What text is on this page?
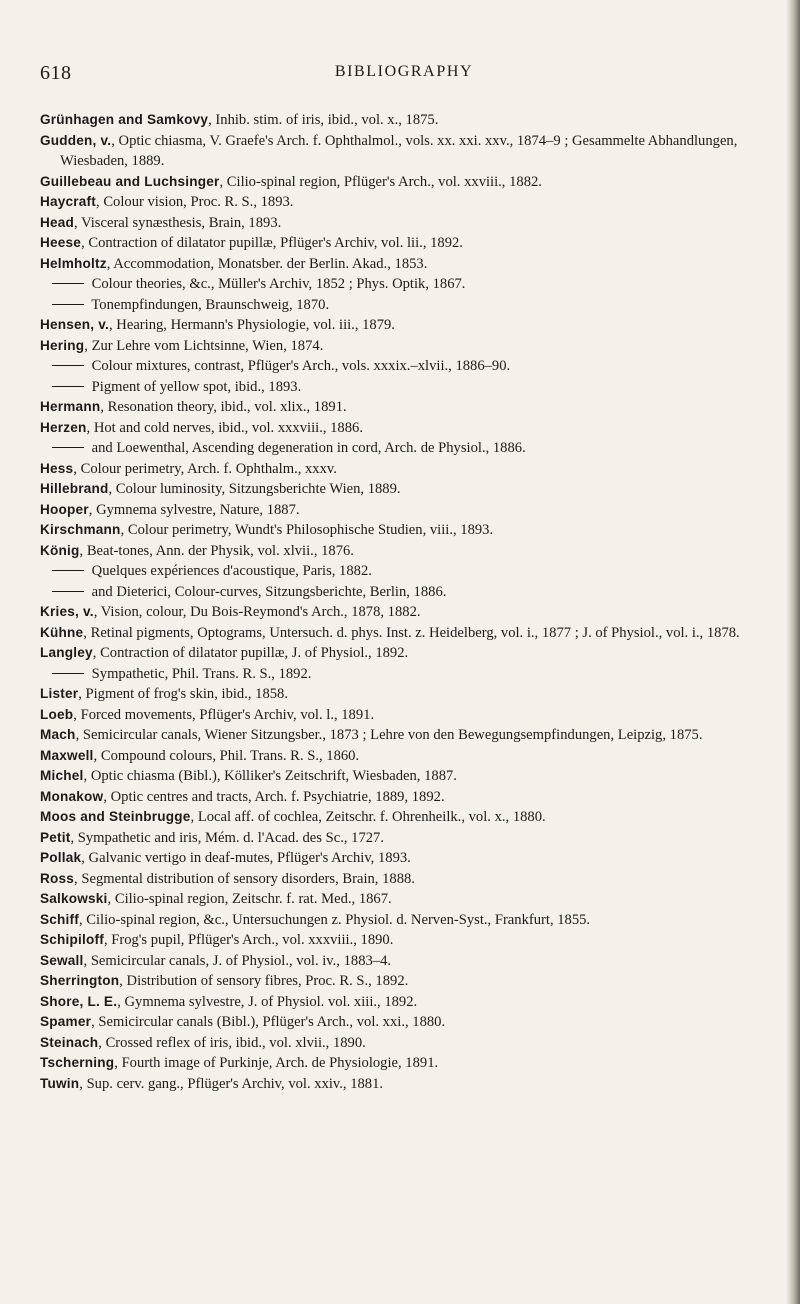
618	BIBLIOGRAPHY

Grünhagen and Samkovy, Inhib. stim. of iris, ibid., vol. x., 1875.

Gudden, v., Optic chiasma, V. Graefe's Arch. f. Ophthalmol., vols. xx. xxi. xxv., 1874–9 ; Gesammelte Abhandlungen, Wiesbaden, 1889.

Guillebeau and Luchsinger, Cilio-spinal region, Pflüger's Arch., vol. xxviii., 1882.

Haycraft, Colour vision, Proc. R. S., 1893.

Head, Visceral synæsthesis, Brain, 1893.

Heese, Contraction of dilatator pupillæ, Pflüger's Archiv, vol. lii., 1892.

Helmholtz, Accommodation, Monatsber. der Berlin. Akad., 1853.

Colour theories, &c., Müller's Archiv, 1852 ; Phys. Optik, 1867.

Tonempfindungen, Braunschweig, 1870.

Hensen, v., Hearing, Hermann's Physiologie, vol. iii., 1879.

Hering, Zur Lehre vom Lichtsinne, Wien, 1874.

Colour mixtures, contrast, Pflüger's Arch., vols. xxxix.–xlvii., 1886–90.

Pigment of yellow spot, ibid., 1893.

Hermann, Resonation theory, ibid., vol. xlix., 1891.

Herzen, Hot and cold nerves, ibid., vol. xxxviii., 1886.

and Loewenthal, Ascending degeneration in cord, Arch. de Physiol., 1886.

Hess, Colour perimetry, Arch. f. Ophthalm., xxxv.

Hillebrand, Colour luminosity, Sitzungsberichte Wien, 1889.

Hooper, Gymnema sylvestre, Nature, 1887.

Kirschmann, Colour perimetry, Wundt's Philosophische Studien, viii., 1893.

König, Beat-tones, Ann. der Physik, vol. xlvii., 1876.

Quelques expériences d'acoustique, Paris, 1882.

and Dieterici, Colour-curves, Sitzungsberichte, Berlin, 1886.

Kries, v., Vision, colour, Du Bois-Reymond's Arch., 1878, 1882.

Kühne, Retinal pigments, Optograms, Untersuch. d. phys. Inst. z. Heidelberg, vol. i., 1877 ; J. of Physiol., vol. i., 1878.

Langley, Contraction of dilatator pupillæ, J. of Physiol., 1892.

Sympathetic, Phil. Trans. R. S., 1892.

Lister, Pigment of frog's skin, ibid., 1858.

Loeb, Forced movements, Pflüger's Archiv, vol. l., 1891.

Mach, Semicircular canals, Wiener Sitzungsber., 1873 ; Lehre von den Bewegungsempfindungen, Leipzig, 1875.

Maxwell, Compound colours, Phil. Trans. R. S., 1860.

Michel, Optic chiasma (Bibl.), Kölliker's Zeitschrift, Wiesbaden, 1887.

Monakow, Optic centres and tracts, Arch. f. Psychiatrie, 1889, 1892.

Moos and Steinbrugge, Local aff. of cochlea, Zeitschr. f. Ohrenheilk., vol. x., 1880.

Petit, Sympathetic and iris, Mém. d. l'Acad. des Sc., 1727.

Pollak, Galvanic vertigo in deaf-mutes, Pflüger's Archiv, 1893.

Ross, Segmental distribution of sensory disorders, Brain, 1888.

Salkowski, Cilio-spinal region, Zeitschr. f. rat. Med., 1867.

Schiff, Cilio-spinal region, &c., Untersuchungen z. Physiol. d. Nerven-Syst., Frankfurt, 1855.

Schipiloff, Frog's pupil, Pflüger's Arch., vol. xxxviii., 1890.

Sewall, Semicircular canals, J. of Physiol., vol. iv., 1883–4.

Sherrington, Distribution of sensory fibres, Proc. R. S., 1892.

Shore, L. E., Gymnema sylvestre, J. of Physiol. vol. xiii., 1892.

Spamer, Semicircular canals (Bibl.), Pflüger's Arch., vol. xxi., 1880.

Steinach, Crossed reflex of iris, ibid., vol. xlvii., 1890.

Tscherning, Fourth image of Purkinje, Arch. de Physiologie, 1891.

Tuwin, Sup. cerv. gang., Pflüger's Archiv, vol. xxiv., 1881.
